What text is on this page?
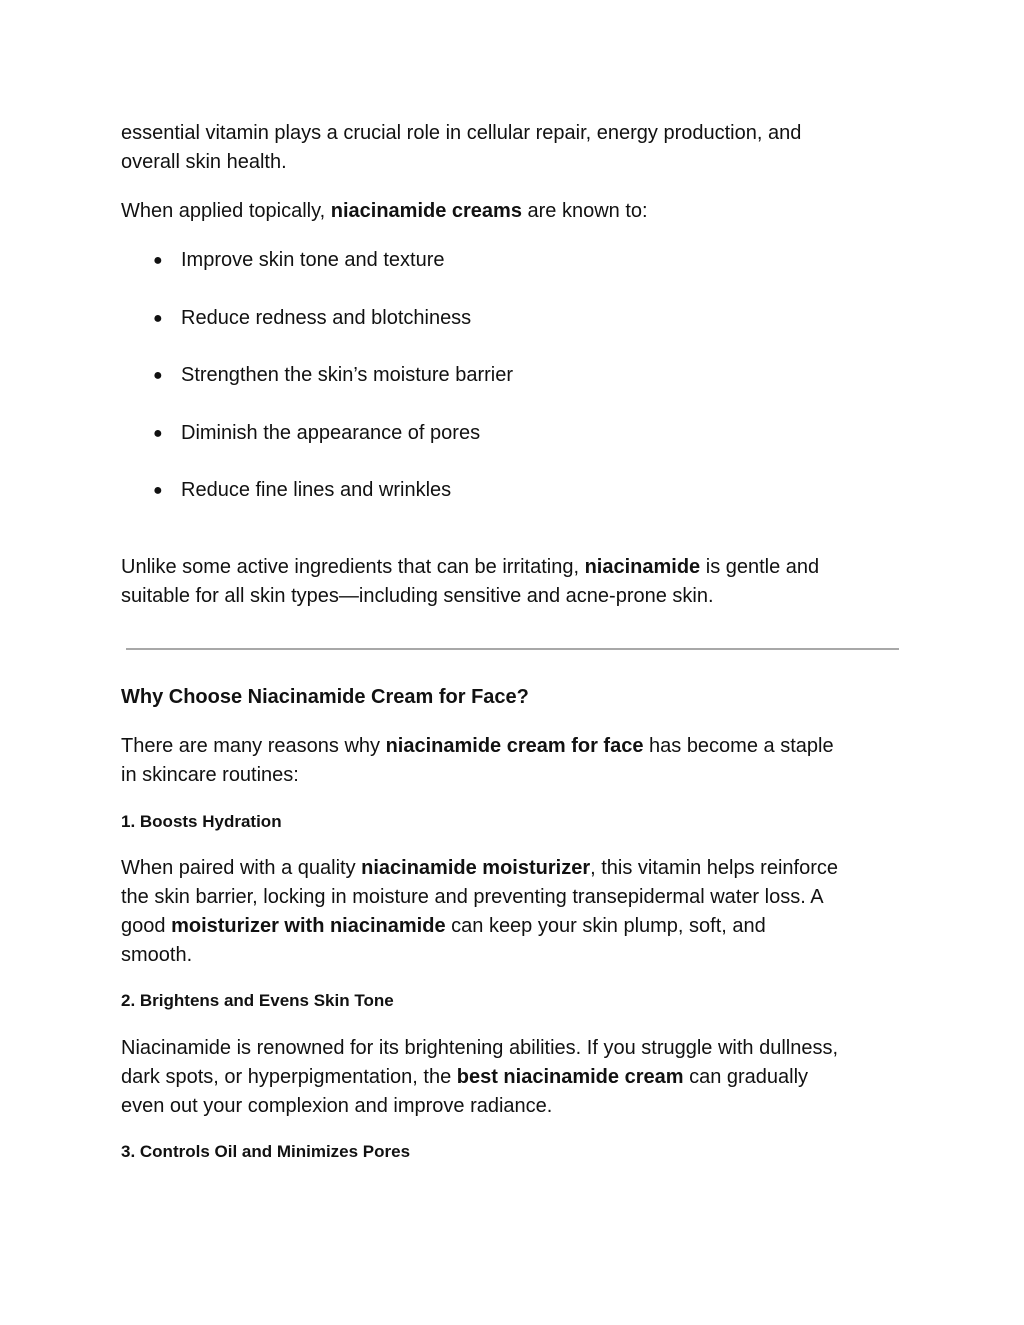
essential vitamin plays a crucial role in cellular repair, energy production, and
overall skin health.

When applied topically, niacinamide creams are known to:

● Improve skin tone and texture
● Reduce redness and blotchiness
● Strengthen the skin’s moisture barrier
● Diminish the appearance of pores
● Reduce fine lines and wrinkles

Unlike some active ingredients that can be irritating, niacinamide is gentle and
suitable for all skin types—including sensitive and acne-prone skin.

Why Choose Niacinamide Cream for Face?

There are many reasons why niacinamide cream for face has become a staple
in skincare routines:

1. Boosts Hydration

When paired with a quality niacinamide moisturizer, this vitamin helps reinforce
the skin barrier, locking in moisture and preventing transepidermal water loss. A
good moisturizer with niacinamide can keep your skin plump, soft, and
smooth.

2. Brightens and Evens Skin Tone

Niacinamide is renowned for its brightening abilities. If you struggle with dullness,
dark spots, or hyperpigmentation, the best niacinamide cream can gradually
even out your complexion and improve radiance.

3. Controls Oil and Minimizes Pores
